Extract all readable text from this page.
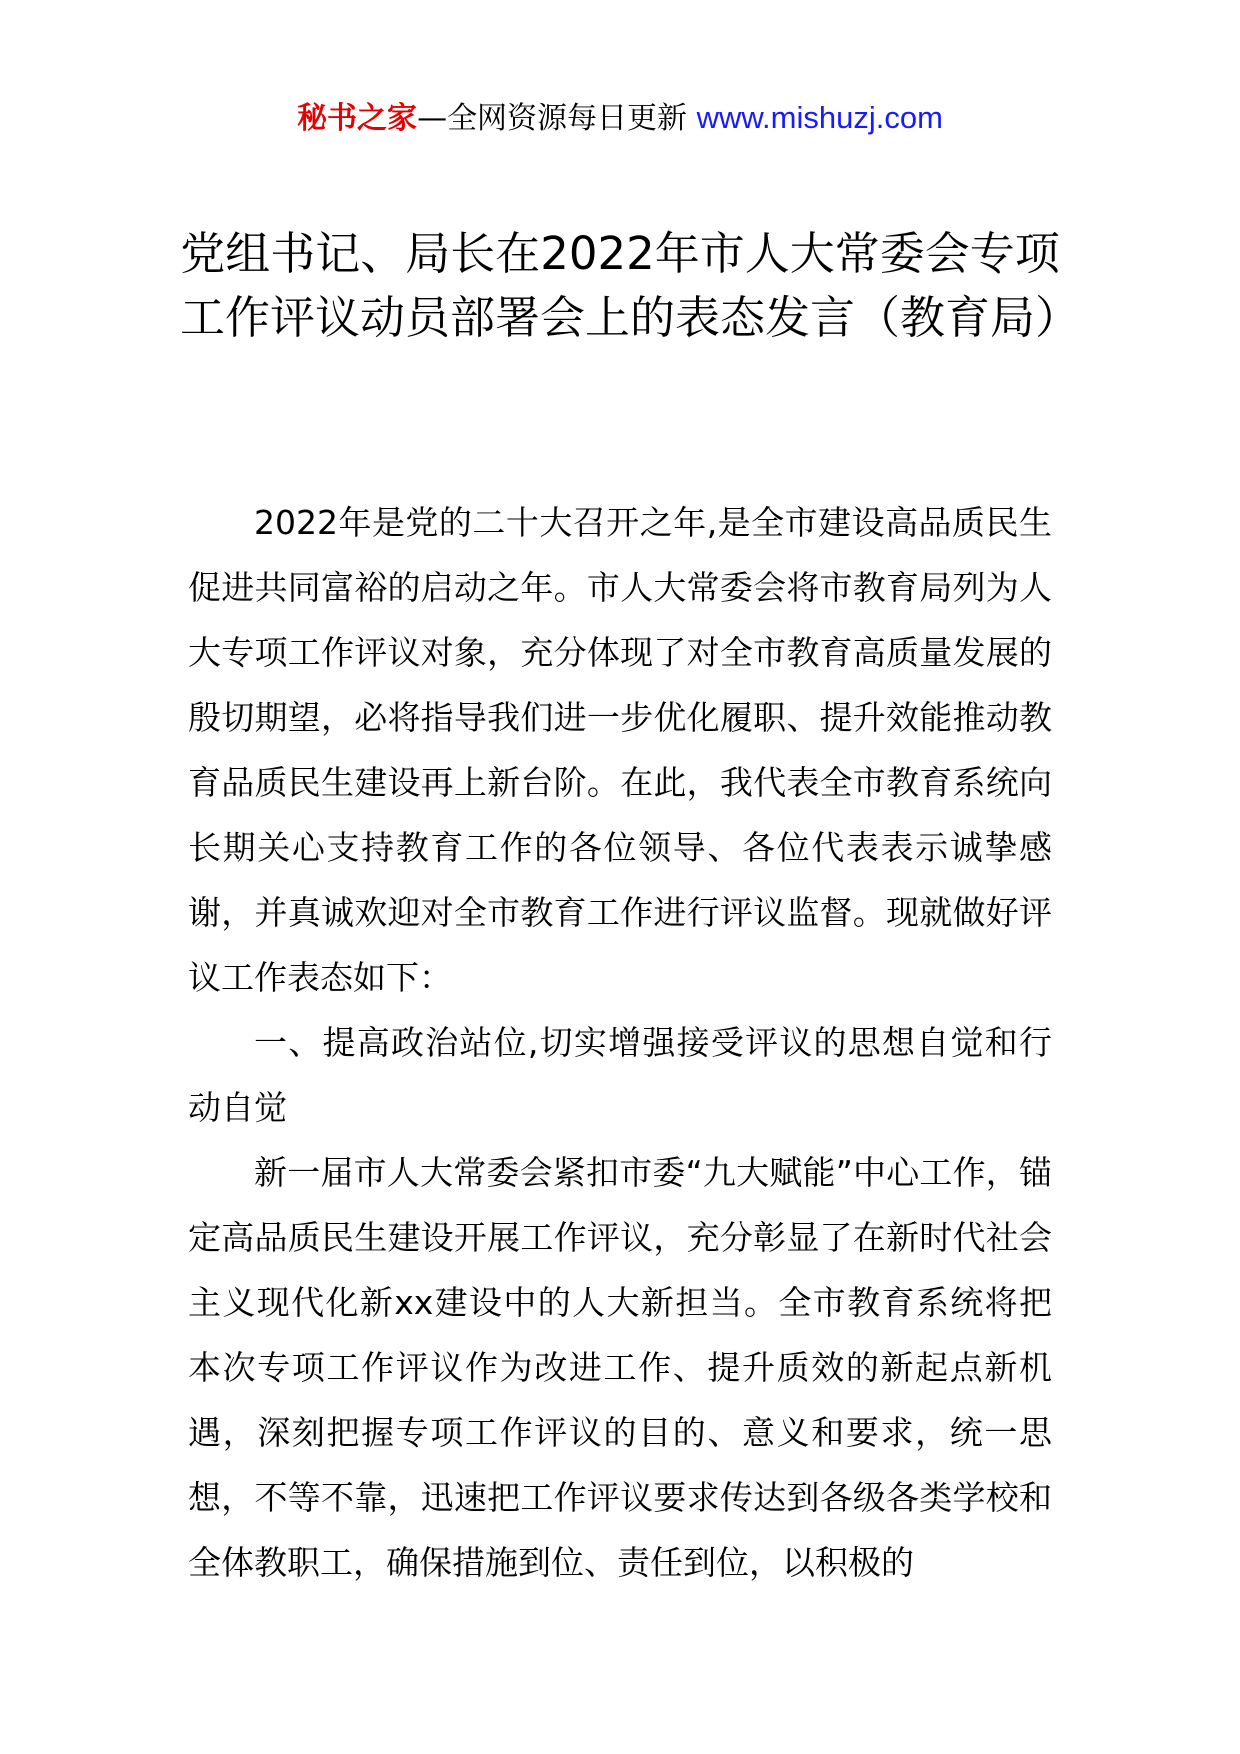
秘书之家—全网资源每日更新 www.mishuzj.com
党组书记、局长在2022年市人大常委会专项工作评议动员部署会上的表态发言（教育局）

2022年是党的二十大召开之年,是全市建设高品质民生促进共同富裕的启动之年。市人大常委会将市教育局列为人大专项工作评议对象，充分体现了对全市教育高质量发展的殷切期望，必将指导我们进一步优化履职、提升效能推动教育品质民生建设再上新台阶。在此，我代表全市教育系统向长期关心支持教育工作的各位领导、各位代表表示诚挚感谢，并真诚欢迎对全市教育工作进行评议监督。现就做好评议工作表态如下：

一、提高政治站位,切实增强接受评议的思想自觉和行动自觉

新一届市人大常委会紧扣市委“九大赋能”中心工作，锚定高品质民生建设开展工作评议，充分彰显了在新时代社会主义现代化新xx建设中的人大新担当。全市教育系统将把本次专项工作评议作为改进工作、提升质效的新起点新机遇，深刻把握专项工作评议的目的、意义和要求，统一思想，不等不靠，迅速把工作评议要求传达到各级各类学校和全体教职工，确保措施到位、责任到位，以积极的
